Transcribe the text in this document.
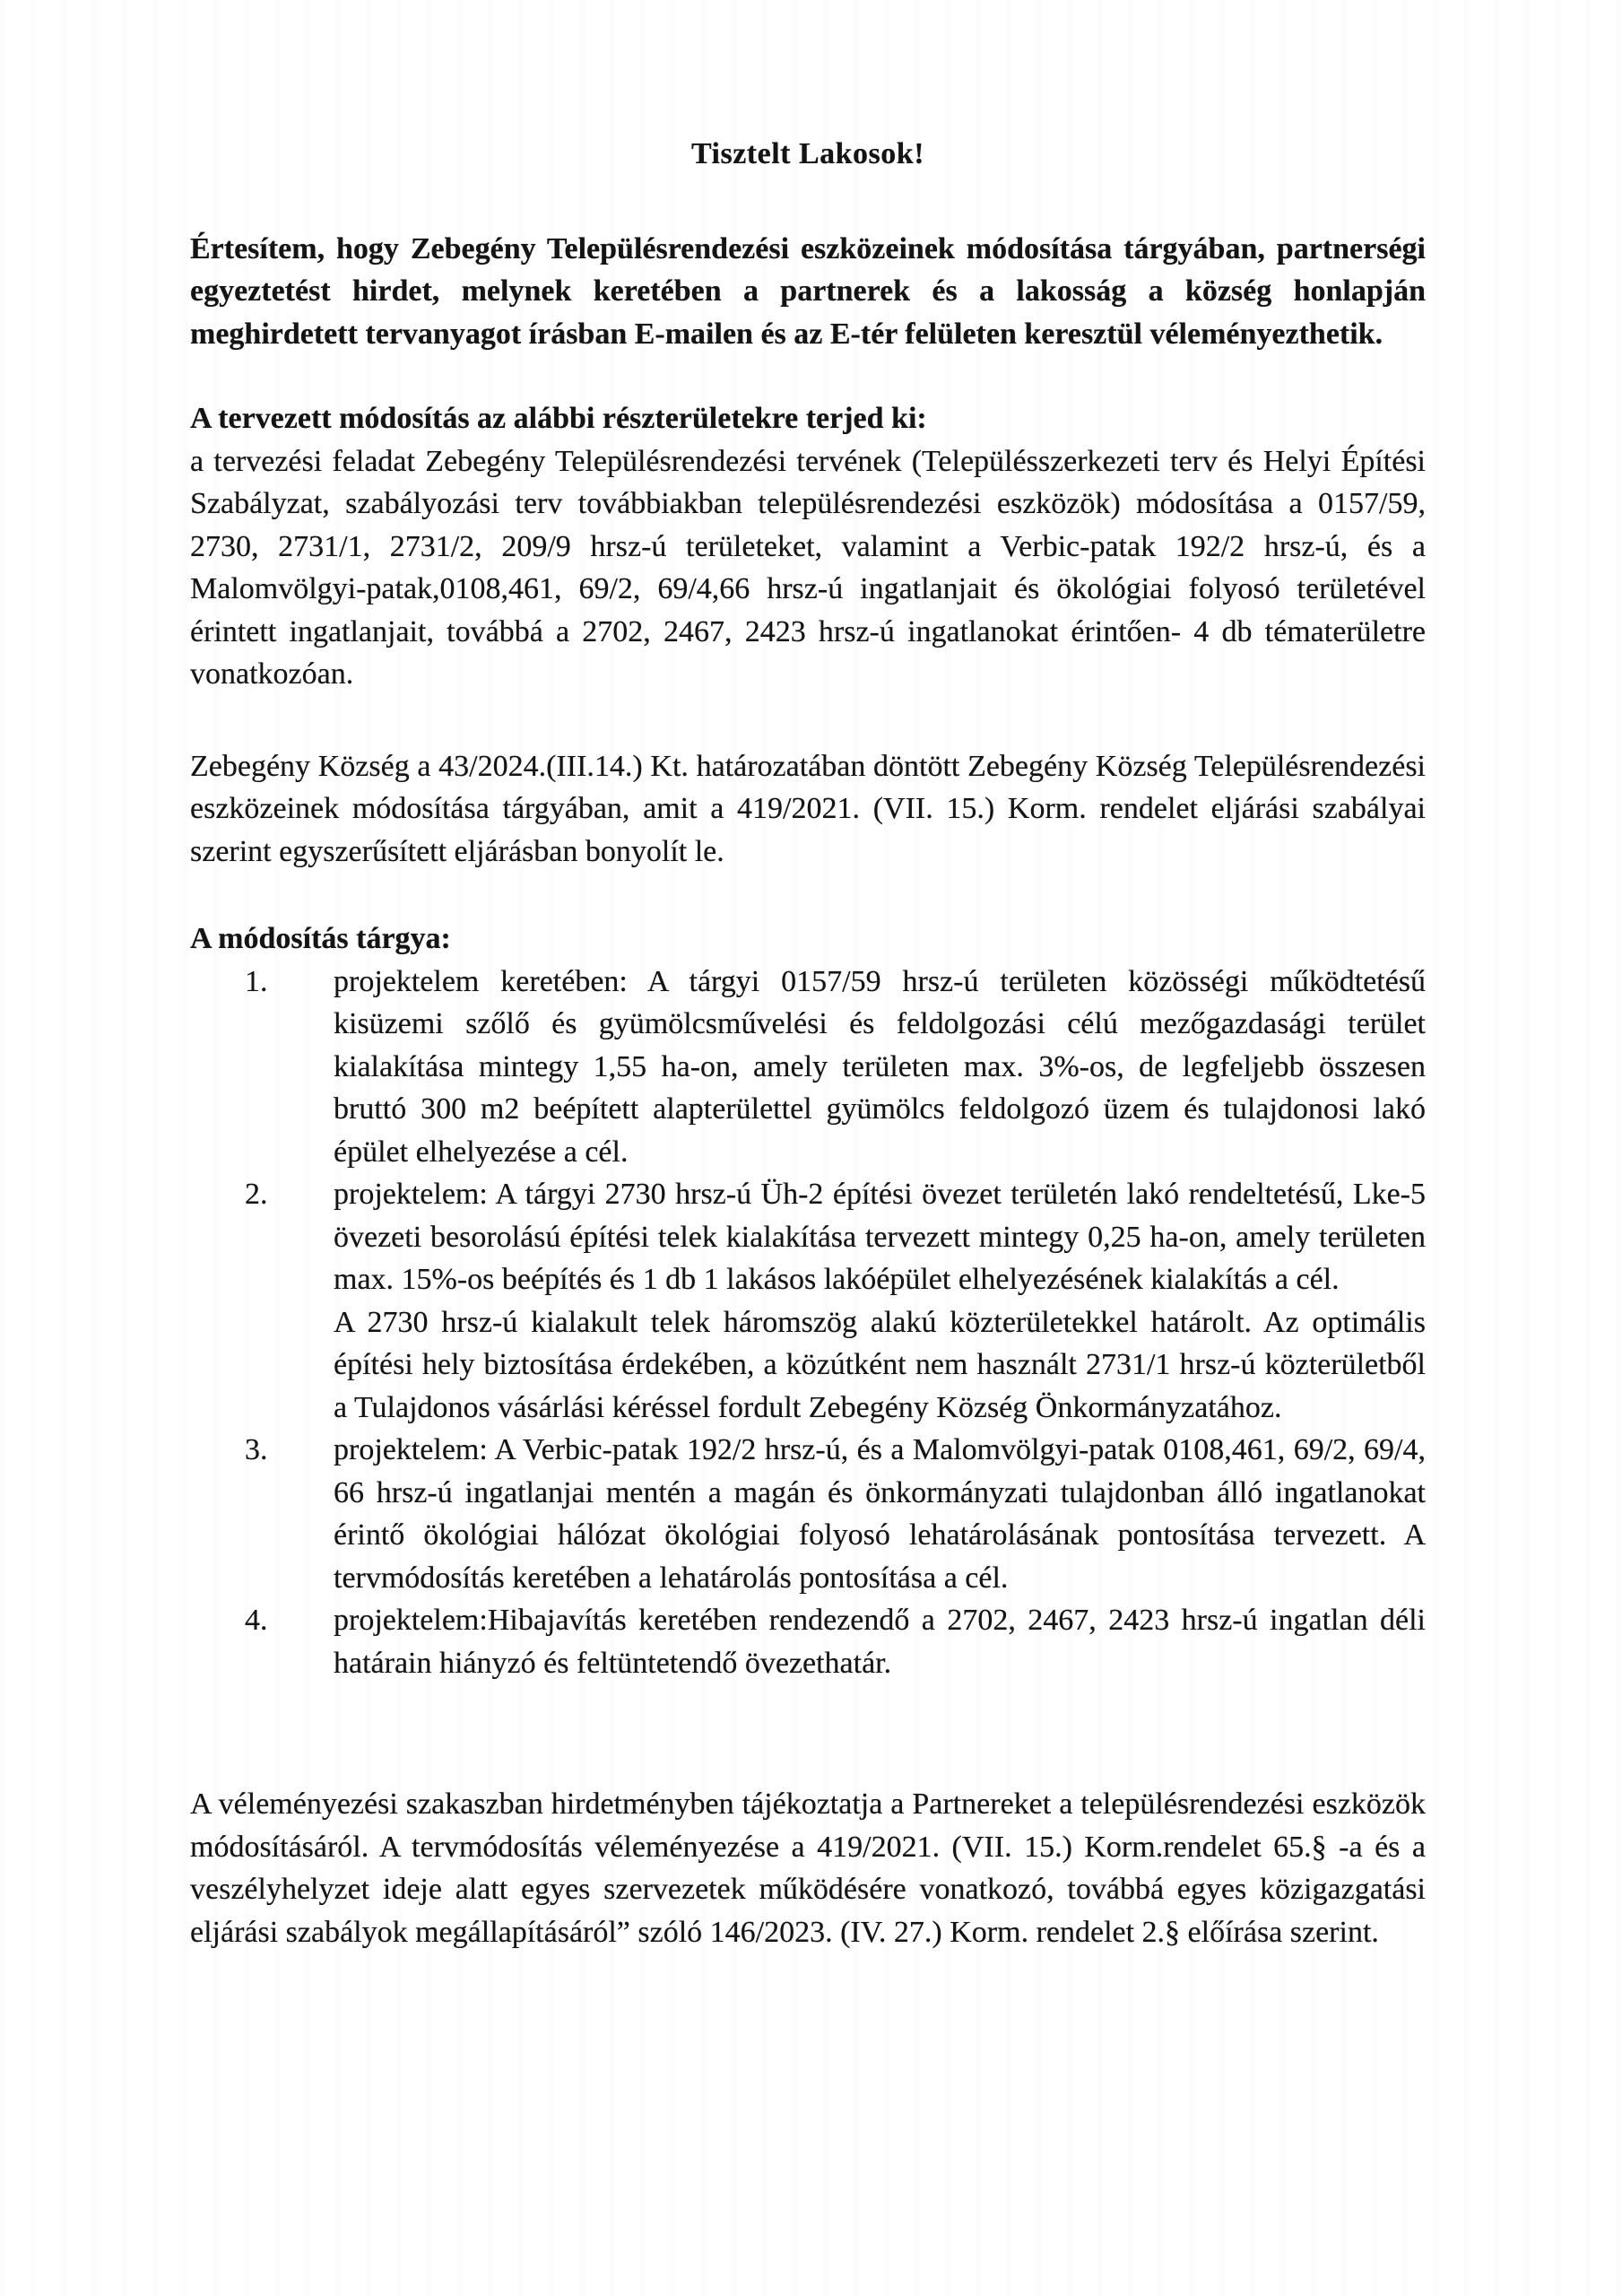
Tisztelt Lakosok!

Értesítem, hogy Zebegény Településrendezési eszközeinek módosítása tárgyában, partnerségi egyeztetést hirdet, melynek keretében a partnerek és a lakosság a község honlapján meghirdetett tervanyagot írásban E-mailen és az E-tér felületen keresztül véleményezthetik.

A tervezett módosítás az alábbi részterületekre terjed ki:

a tervezési feladat Zebegény Településrendezési tervének (Településszerkezeti terv és Helyi Építési Szabályzat, szabályozási terv továbbiakban településrendezési eszközök) módosítása a 0157/59, 2730, 2731/1, 2731/2, 209/9 hrsz-ú területeket, valamint a Verbic-patak 192/2 hrsz-ú, és a Malomvölgyi-patak,0108,461, 69/2, 69/4,66 hrsz-ú ingatlanjait és ökológiai folyosó területével érintett ingatlanjait, továbbá a 2702, 2467, 2423 hrsz-ú ingatlanokat érintően- 4 db tématerületre vonatkozóan.

Zebegény Község a 43/2024.(III.14.) Kt. határozatában döntött Zebegény Község Településrendezési eszközeinek módosítása tárgyában, amit a 419/2021. (VII. 15.) Korm. rendelet eljárási szabályai szerint egyszerűsített eljárásban bonyolít le.

A módosítás tárgya:
1.	projektelem keretében: A tárgyi 0157/59 hrsz-ú területen közösségi működtetésű kisüzemi szőlő és gyümölcsművelési és feldolgozási célú mezőgazdasági terület kialakítása mintegy 1,55 ha-on, amely területen max. 3%-os, de legfeljebb összesen bruttó 300 m2 beépített alapterülettel gyümölcs feldolgozó üzem és tulajdonosi lakó épület elhelyezése a cél.

2.	projektelem: A tárgyi 2730 hrsz-ú Üh-2 építési övezet területén lakó rendeltetésű, Lke-5 övezeti besorolású építési telek kialakítása tervezett mintegy 0,25 ha-on, amely területen max. 15%-os beépítés és 1 db 1 lakásos lakóépület elhelyezésének kialakítás a cél.

A 2730 hrsz-ú kialakult telek háromszög alakú közterületekkel határolt. Az optimális építési hely biztosítása érdekében, a közútként nem használt 2731/1 hrsz-ú közterületből a Tulajdonos vásárlási kéréssel fordult Zebegény Község Önkormányzatához.

3.	projektelem: A Verbic-patak 192/2 hrsz-ú, és a Malomvölgyi-patak 0108,461, 69/2, 69/4, 66 hrsz-ú ingatlanjai mentén a magán és önkormányzati tulajdonban álló ingatlanokat érintő ökológiai hálózat ökológiai folyosó lehatárolásának pontosítása tervezett. A tervmódosítás keretében a lehatárolás pontosítása a cél.

4.	projektelem:Hibajavítás keretében rendezendő a 2702, 2467, 2423 hrsz-ú ingatlan déli határain hiányzó és feltüntetendő övezethatár.

A véleményezési szakaszban hirdetményben tájékoztatja a Partnereket a településrendezési eszközök módosításáról. A tervmódosítás véleményezése a 419/2021. (VII. 15.) Korm.rendelet 65.§ -a és a veszélyhelyzet ideje alatt egyes szervezetek működésére vonatkozó, továbbá egyes közigazgatási eljárási szabályok megállapításáról” szóló 146/2023. (IV. 27.) Korm. rendelet 2.§ előírása szerint.
